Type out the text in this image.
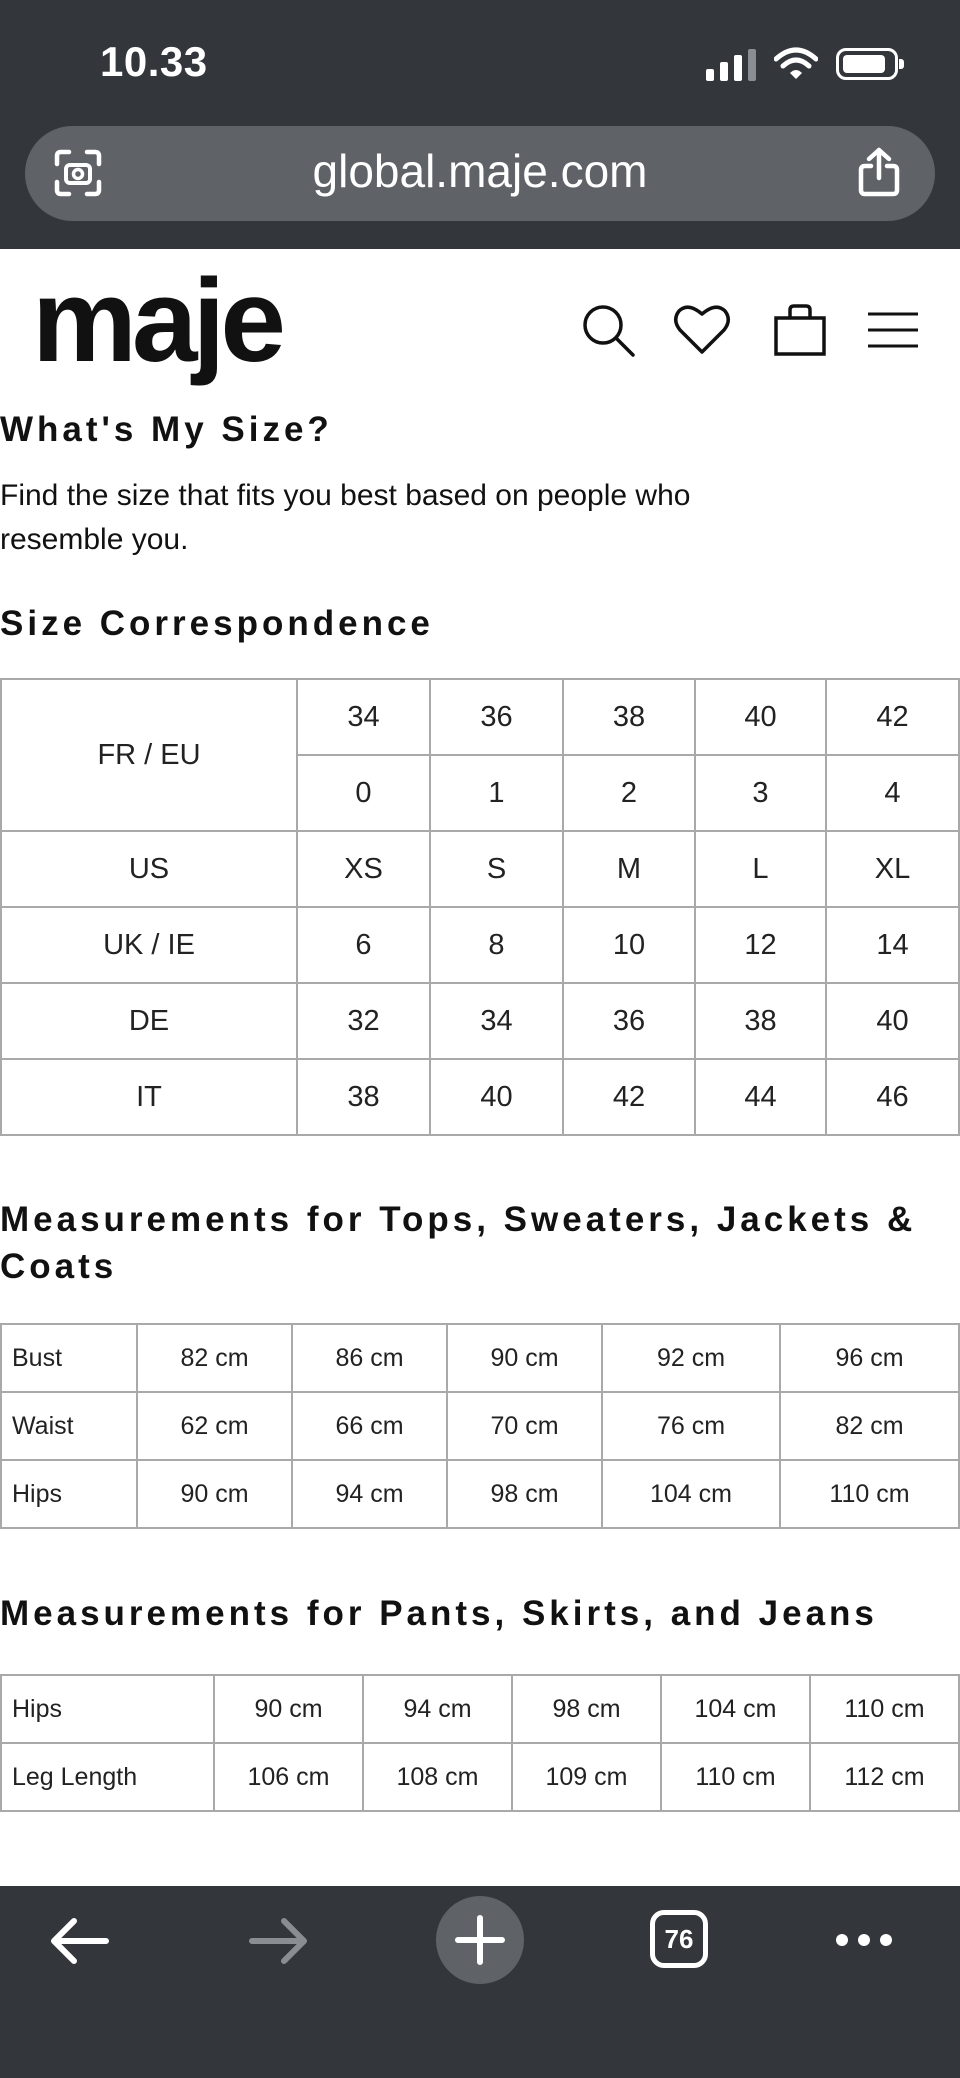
10.33
global.maje.com
maje
What's My Size?

Find the size that fits you best based on people who
resemble you.

Size Correspondence
FR / EU	34	36	38	40	42
	0	1	2	3	4
US	XS	S	M	L	XL
UK / IE	6	8	10	12	14
DE	32	34	36	38	40
IT	38	40	42	44	46
Measurements for Tops, Sweaters, Jackets &
Coats
Bust	82 cm	86 cm	90 cm	92 cm	96 cm
Waist	62 cm	66 cm	70 cm	76 cm	82 cm
Hips	90 cm	94 cm	98 cm	104 cm	110 cm
Measurements for Pants, Skirts, and Jeans
Hips	90 cm	94 cm	98 cm	104 cm	110 cm
Leg Length	106 cm	108 cm	109 cm	110 cm	112 cm
76
